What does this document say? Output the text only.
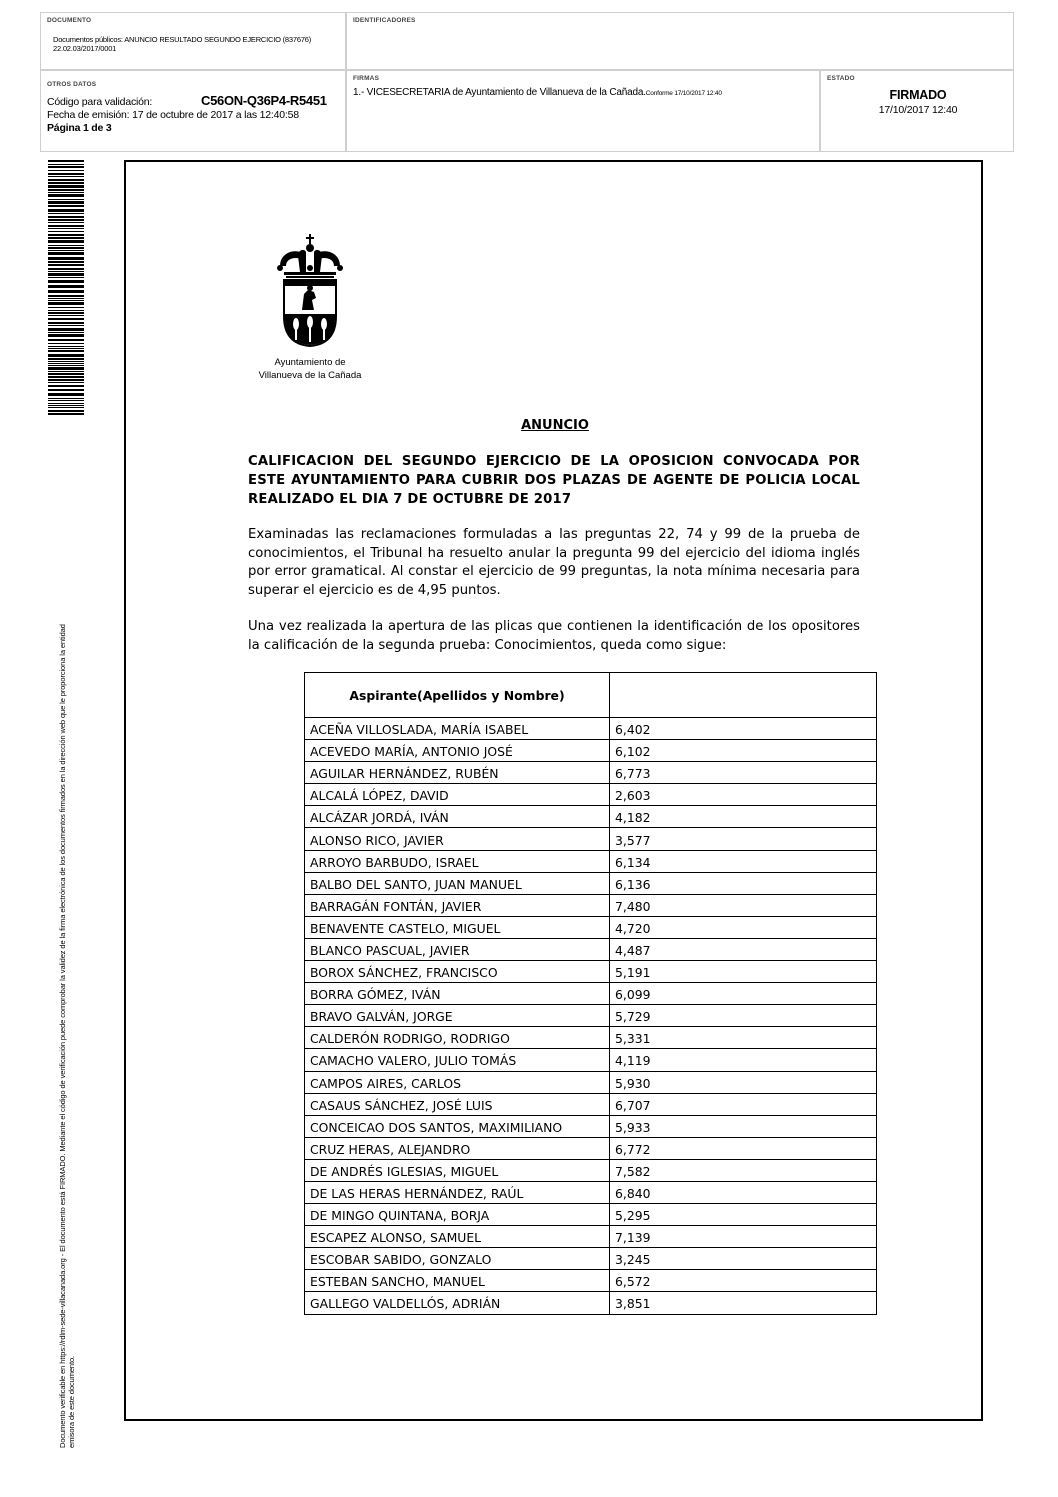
DOCUMENTO
Documentos públicos: ANUNCIO RESULTADO SEGUNDO EJERCICIO (837676)
22.02.03/2017/0001
IDENTIFICADORES
OTROS DATOS
Código para validación:	C56ON-Q36P4-R5451
Fecha de emisión: 17 de octubre de 2017 a las 12:40:58
Página 1 de 3
FIRMAS
1.- VICESECRETARIA de Ayuntamiento de Villanueva de la Cañada.Conforme 17/10/2017 12:40
ESTADO
FIRMADO
17/10/2017 12:40
Documento verificable en https://rdlm-sede-villacanada.org - El documento está FIRMADO. Mediante el código de verificación puede comprobar la validez de la firma electrónica de los documentos firmados en la dirección web que le proporciona la entidad emisora de este documento.
Ayuntamiento de
Villanueva de la Cañada
ANUNCIO
CALIFICACION DEL SEGUNDO EJERCICIO DE LA OPOSICION CONVOCADA POR ESTE AYUNTAMIENTO PARA CUBRIR DOS PLAZAS DE AGENTE DE POLICIA LOCAL REALIZADO EL DIA 7 DE OCTUBRE DE 2017
Examinadas las reclamaciones formuladas a las preguntas 22, 74 y 99 de la prueba de conocimientos, el Tribunal ha resuelto anular la pregunta 99 del ejercicio del idioma inglés por error gramatical. Al constar el ejercicio de 99 preguntas, la nota mínima necesaria para superar el ejercicio es de 4,95 puntos.
Una vez realizada la apertura de las plicas que contienen la identificación de los opositores la calificación de la segunda prueba: Conocimientos, queda como sigue:
Aspirante(Apellidos y Nombre)	
ACEÑA VILLOSLADA, MARÍA ISABEL	6,402
ACEVEDO MARÍA, ANTONIO JOSÉ	6,102
AGUILAR HERNÁNDEZ, RUBÉN	6,773
ALCALÁ LÓPEZ, DAVID	2,603
ALCÁZAR JORDÁ, IVÁN	4,182
ALONSO RICO, JAVIER	3,577
ARROYO BARBUDO, ISRAEL	6,134
BALBO DEL SANTO, JUAN MANUEL	6,136
BARRAGÁN FONTÁN, JAVIER	7,480
BENAVENTE CASTELO, MIGUEL	4,720
BLANCO PASCUAL, JAVIER	4,487
BOROX SÁNCHEZ, FRANCISCO	5,191
BORRA GÓMEZ, IVÁN	6,099
BRAVO GALVÁN, JORGE	5,729
CALDERÓN RODRIGO, RODRIGO	5,331
CAMACHO VALERO, JULIO TOMÁS	4,119
CAMPOS AIRES, CARLOS	5,930
CASAUS SÁNCHEZ, JOSÉ LUIS	6,707
CONCEICAO DOS SANTOS, MAXIMILIANO	5,933
CRUZ HERAS, ALEJANDRO	6,772
DE ANDRÉS IGLESIAS, MIGUEL	7,582
DE LAS HERAS HERNÁNDEZ, RAÚL	6,840
DE MINGO QUINTANA, BORJA	5,295
ESCAPEZ ALONSO, SAMUEL	7,139
ESCOBAR SABIDO, GONZALO	3,245
ESTEBAN SANCHO, MANUEL	6,572
GALLEGO VALDELLÓS, ADRIÁN	3,851
